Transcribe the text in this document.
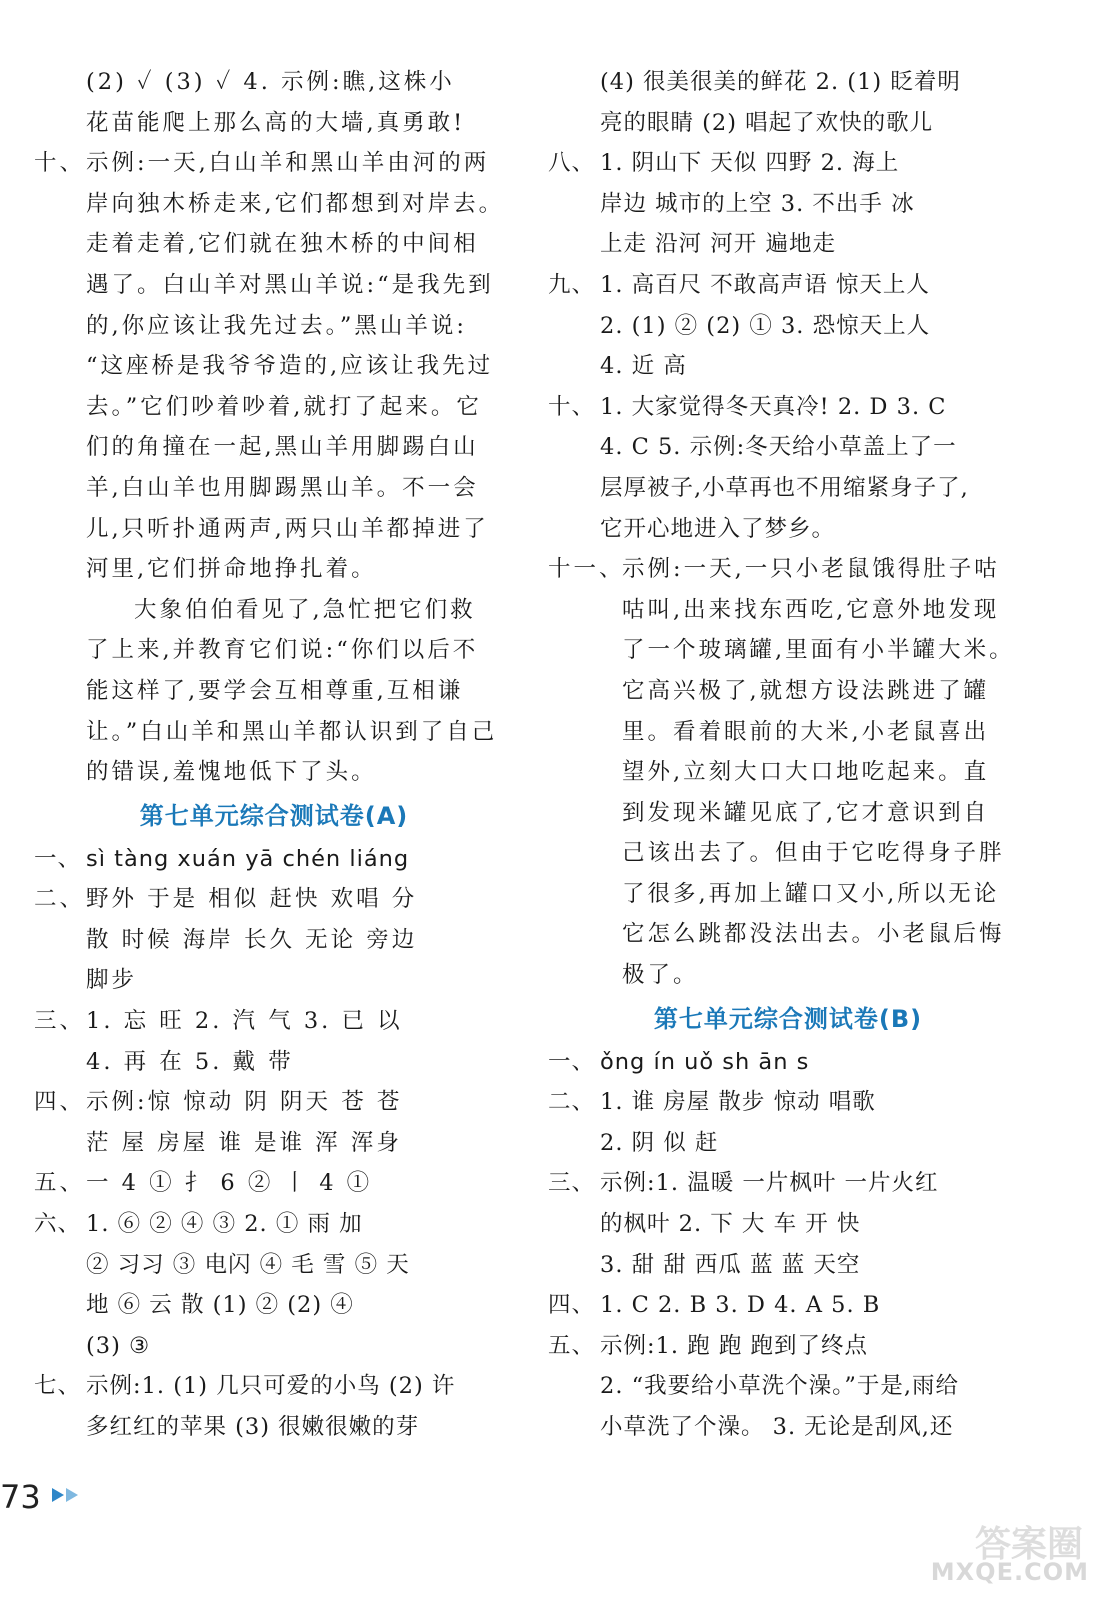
(2) ✓ (3) ✓ 4. 示例:瞧,这株小
花苗能爬上那么高的大墙,真勇敢!
十、 示例:一天,白山羊和黑山羊由河的两
岸向独木桥走来,它们都想到对岸去。
走着走着,它们就在独木桥的中间相
遇了。白山羊对黑山羊说:“是我先到
的,你应该让我先过去。”黑山羊说:
“这座桥是我爷爷造的,应该让我先过
去。”它们吵着吵着,就打了起来。它
们的角撞在一起,黑山羊用脚踢白山
羊,白山羊也用脚踢黑山羊。不一会
儿,只听扑通两声,两只山羊都掉进了
河里,它们拼命地挣扎着。
大象伯伯看见了,急忙把它们救
了上来,并教育它们说:“你们以后不
能这样了,要学会互相尊重,互相谦
让。”白山羊和黑山羊都认识到了自己
的错误,羞愧地低下了头。
第七单元综合测试卷(A)
一、 sì tàng xuán yā chén liáng
二、 野外 于是 相似 赶快 欢唱 分
散 时候 海岸 长久 无论 旁边
脚步
三、 1. 忘 旺 2. 汽 气 3. 已 以
4. 再 在 5. 戴 带
四、 示例:惊 惊动 阴 阴天 苍 苍
茫 屋 房屋 谁 是谁 浑 浑身
五、 一 4 ① 扌 6 ② 丨 4 ①
六、 1. ⑥ ② ④ ③ 2. ① 雨 加
② 习习 ③ 电闪 ④ 毛 雪 ⑤ 天
地 ⑥ 云 散 (1) ② (2) ④
(3) ③
七、 示例:1. (1) 几只可爱的小鸟 (2) 许
多红红的苹果 (3) 很嫩很嫩的芽
(4) 很美很美的鲜花 2. (1) 眨着明
亮的眼睛 (2) 唱起了欢快的歌儿
八、 1. 阴山下 天似 四野 2. 海上
岸边 城市的上空 3. 不出手 冰
上走 沿河 河开 遍地走
九、 1. 高百尺 不敢高声语 惊天上人
2. (1) ② (2) ① 3. 恐惊天上人
4. 近 高
十、 1. 大家觉得冬天真冷! 2. D 3. C
4. C 5. 示例:冬天给小草盖上了一
层厚被子,小草再也不用缩紧身子了,
它开心地进入了梦乡。
十一、
示例:一天,一只小老鼠饿得肚子咕
咕叫,出来找东西吃,它意外地发现
了一个玻璃罐,里面有小半罐大米。
它高兴极了,就想方设法跳进了罐
里。看着眼前的大米,小老鼠喜出
望外,立刻大口大口地吃起来。直
到发现米罐见底了,它才意识到自
己该出去了。但由于它吃得身子胖
了很多,再加上罐口又小,所以无论
它怎么跳都没法出去。小老鼠后悔
极了。
第七单元综合测试卷(B)
一、 ǒng ín uǒ sh ān s
二、 1. 谁 房屋 散步 惊动 唱歌
2. 阴 似 赶
三、 示例:1. 温暖 一片枫叶 一片火红
的枫叶 2. 下 大 车 开 快
3. 甜 甜 西瓜 蓝 蓝 天空
四、 1. C 2. B 3. D 4. A 5. B
五、 示例:1. 跑 跑 跑到了终点
2. “我要给小草洗个澡。”于是,雨给
小草洗了个澡。 3. 无论是刮风,还
73
答案圈
MXQE.COM
